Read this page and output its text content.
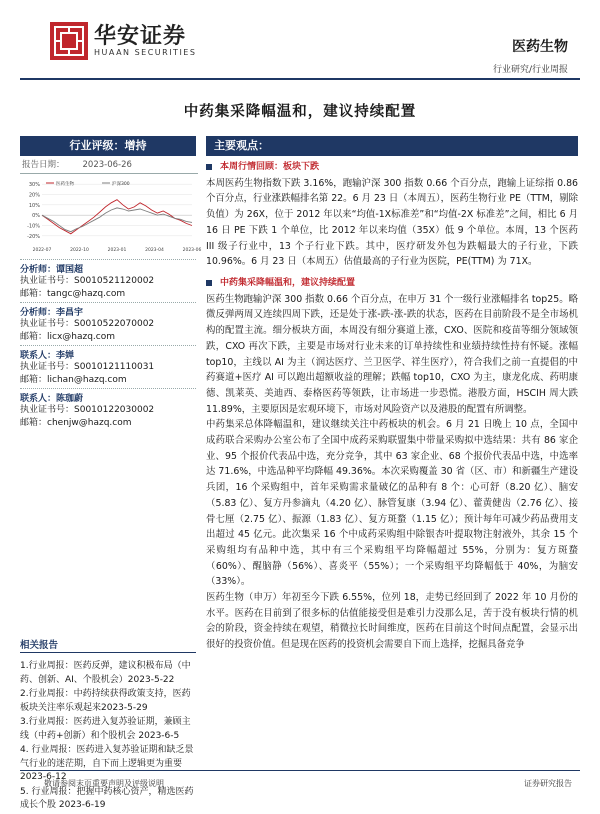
华安证券
HUAAN SECURITIES	医药生物
行业研究/行业周报
中药集采降幅温和，建议持续配置
行业评级：增持
报告日期： 2023-06-26
30%
20%
10%
0%
-10%
-20%
2022-07	2022-10	2023-01	2023-04	2023-06
医药生物	沪深300
分析师：谭国超
执业证书号：S0010521120002
邮箱：tangc@hazq.com
分析师：李昌宇
执业证书号：S0010522070002
邮箱：licx@hazq.com
联系人：李婵
执业证书号：S0010121110031
邮箱：lichan@hazq.com
联系人：陈珈蔚
执业证书号：S0010122030002
邮箱：chenjw@hazq.com
相关报告
1.行业周报：医药反弹，建议积极布局（中药、创新、AI、个股机会）2023-5-22
2.行业周报：中药持续获得政策支持，医药板块关注率乐观起来2023-5-29
3.行业周报：医药进入复苏验证期，兼顾主线（中药+创新）和个股机会 2023-6-5
4. 行业周报：医药进入复苏验证期和缺乏景气行业的迷茫期，自下而上逻辑更为重要 2023-6-12
5. 行业周报：把握中药核心资产，精选医药成长个股 2023-6-19
主要观点：
本周行情回顾：板块下跌
本周医药生物指数下跌 3.16%，跑输沪深 300 指数 0.66 个百分点，跑输上证综指 0.86 个百分点，行业涨跌幅排名第 22。6 月 23 日（本周五），医药生物行业 PE（TTM，剔除负值）为 26X，位于 2012 年以来“均值-1X标准差”和“均值-2X 标准差”之间，相比 6 月 16 日 PE 下跌 1 个单位，比 2012 年以来均值（35X）低 9 个单位。本周，13 个医药 III 级子行业中，13 个子行业下跌。其中，医疗研发外包为跌幅最大的子行业，下跌 10.96%。6 月 23 日（本周五）估值最高的子行业为医院，PE(TTM) 为 71X。
中药集采降幅温和，建议持续配置
医药生物跑输沪深 300 指数 0.66 个百分点，在申万 31 个一级行业涨幅排名 top25。略微反弹两周又连续四周下跌，还是处于涨-跌-涨-跌的状态，医药在目前阶段不是全市场机构的配置主流。细分板块方面，本周没有细分赛道上涨，CXO、医院和疫苗等细分领域领跌，CXO 再次下跌，主要是市场对行业未来的订单持续性和业绩持续性持有怀疑。涨幅 top10，主线以 AI 为主（润达医疗、兰卫医学、祥生医疗），符合我们之前一直提倡的中药赛道+医疗 AI 可以跑出超额收益的理解；跌幅 top10，CXO 为主，康龙化成、药明康德、凯莱英、美迪西、泰格医药等领跌，让市场进一步恐慌。港股方面，HSCIH 周大跌 11.89%，主要原因是宏观环境下，市场对风险资产以及港股的配置有所调整。
中药集采总体降幅温和，建议继续关注中药板块的机会。6 月 21 日晚上 10 点，全国中成药联合采购办公室公布了全国中成药采购联盟集中带量采购拟中选结果：共有 86 家企业、95 个报价代表品中选，充分竞争，其中 63 家企业、68 个报价代表品中选，中选率达 71.6%，中选品种平均降幅 49.36%。本次采购覆盖 30 省（区、市）和新疆生产建设兵团，16 个采购组中，首年采购需求量破亿的品种有 8 个：心可舒（8.20 亿）、脑安（5.83 亿）、复方丹参滴丸（4.20 亿）、脉管复康（3.94 亿）、藿黄健齿（2.76 亿）、接骨七厘（2.75 亿）、振源（1.83 亿）、复方斑蝥（1.15 亿）；预计每年可减少药品费用支出超过 45 亿元。此次集采 16 个中成药采购组中除银杏叶提取物注射液外，其余 15 个采购组均有品种中选，其中有三个采购组平均降幅超过 55%，分别为：复方斑蝥（60%）、醒脑静（56%）、喜炎平（55%）；一个采购组平均降幅低于 40%，为脑安（33%）。
医药生物（申万）年初至今下跌 6.55%，位列 18，走势已经回到了 2022 年 10 月份的水平。医药在目前到了很多标的估值能接受但是难引力没那么足，苦于没有板块行情的机会的阶段，资金持续在观望，稍微拉长时间维度，医药在目前这个时间点配置，会显示出很好的投资价值。但是现在医药的投资机会需要自下而上选择，挖掘具备竞争
敬请参阅末页重要声明及评级说明	证券研究报告
